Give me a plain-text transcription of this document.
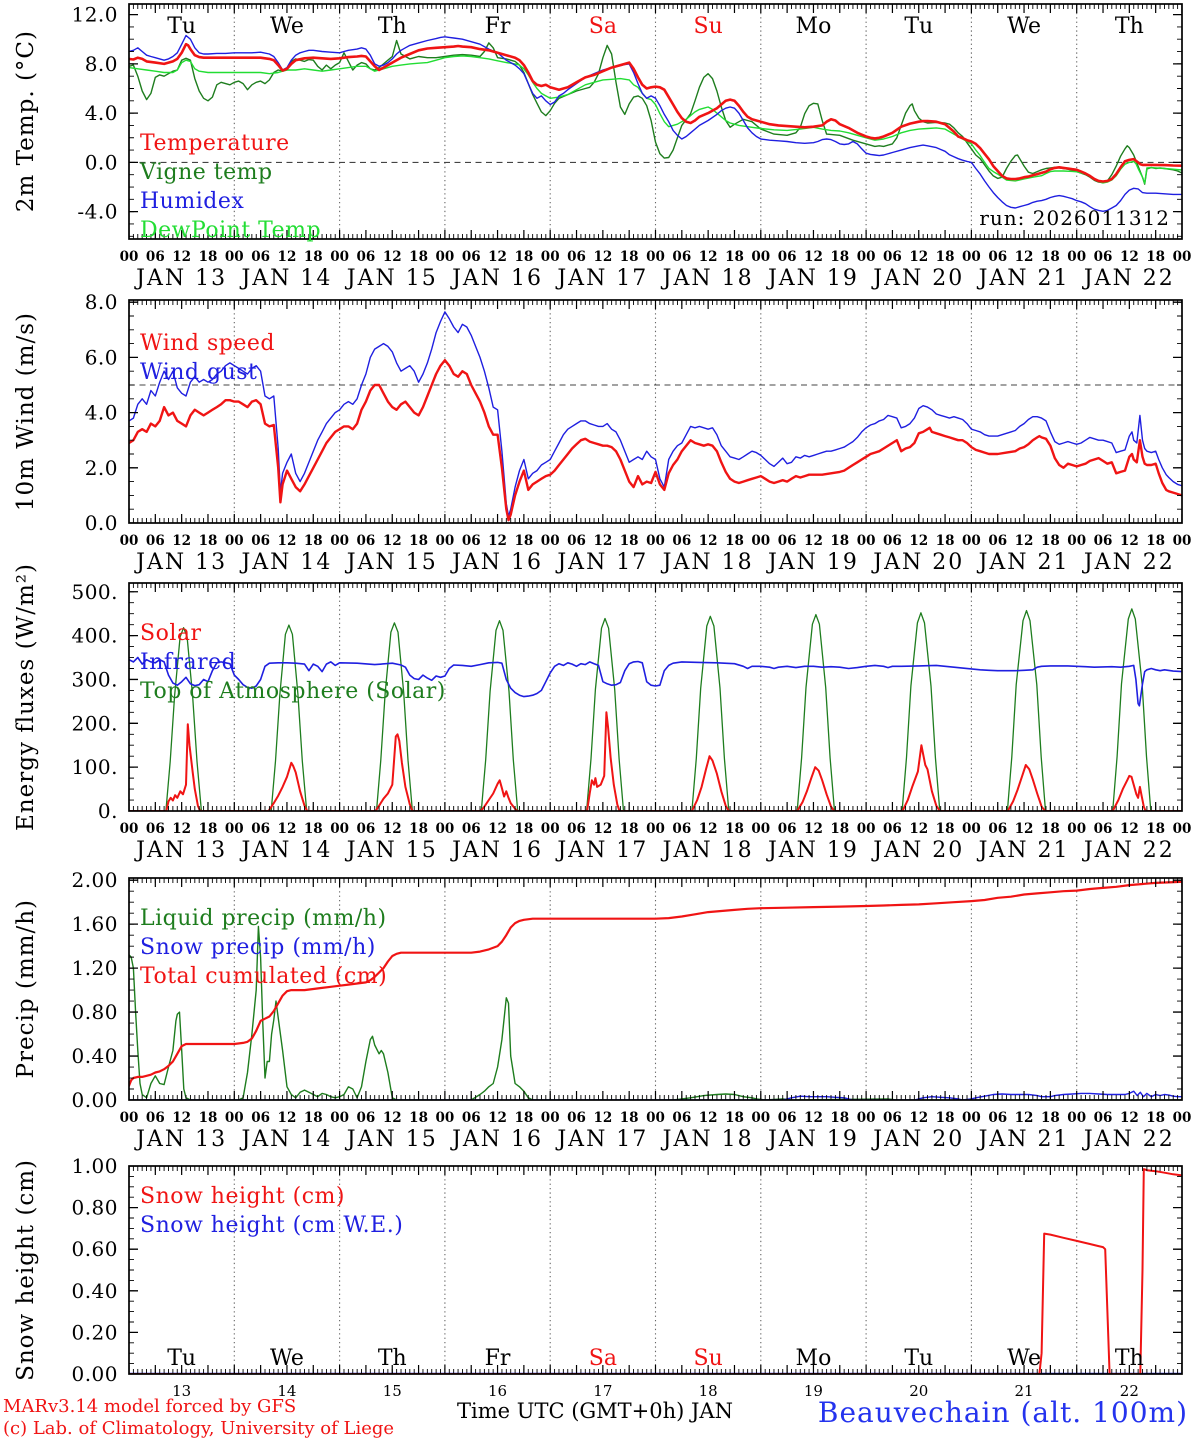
12.0
8.0
4.0
0.0
-4.0
00 06 12 18 00 06 12 18 00 06 12 18 00 06 12 18 00 06 12 18 00 06 12 18 00 06 12 18 00 06 12 18 00 06 12 18 00 06 12 18 00
JAN 13 JAN 14 JAN 15 JAN 16 JAN 17 JAN 18 JAN 19 JAN 20 JAN 21 JAN 22
Tu	We	Th	Fr	Sa	Su	Mo	Tu	We	Th
8.0
6.0
4.0
2.0
0.0
00 06 12 18 00 06 12 18 00 06 12 18 00 06 12 18 00 06 12 18 00 06 12 18 00 06 12 18 00 06 12 18 00 06 12 18 00 06 12 18 00
JAN 13 JAN 14 JAN 15 JAN 16 JAN 17 JAN 18 JAN 19 JAN 20 JAN 21 JAN 22
500.
400.
300.
200.
100.
0.
00 06 12 18 00 06 12 18 00 06 12 18 00 06 12 18 00 06 12 18 00 06 12 18 00 06 12 18 00 06 12 18 00 06 12 18 00 06 12 18 00
JAN 13 JAN 14 JAN 15 JAN 16 JAN 17 JAN 18 JAN 19 JAN 20 JAN 21 JAN 22
2.00
1.60
1.20
0.80
0.40
0.00
00 06 12 18 00 06 12 18 00 06 12 18 00 06 12 18 00 06 12 18 00 06 12 18 00 06 12 18 00 06 12 18 00 06 12 18 00 06 12 18 00
JAN 13 JAN 14 JAN 15 JAN 16 JAN 17 JAN 18 JAN 19 JAN 20 JAN 21 JAN 22
1.00
0.80
0.60
0.40
0.20
0.00
Tu	We	Th	Fr	Sa	Su	Mo	Tu	We	Th
13	14	15	16	17	18	19	20	21	22
2m Temp. (°C)
10m Wind (m/s)
Energy fluxes (W/m²)
Precip (mm/h)
Snow height (cm)
Temperature
Vigne temp
Humidex
DewPoint Temp
Wind speed
Wind gust
Solar
Infrared
Top of Atmosphere (Solar)
Liquid precip (mm/h)
Snow precip (mm/h)
Total cumulated (cm)
Snow height (cm)
Snow height (cm W.E.)
run: 2026011312
MARv3.14 model forced by GFS
(c) Lab. of Climatology, University of Liege
Time UTC (GMT+0h) JAN	Beauvechain (alt. 100m)
